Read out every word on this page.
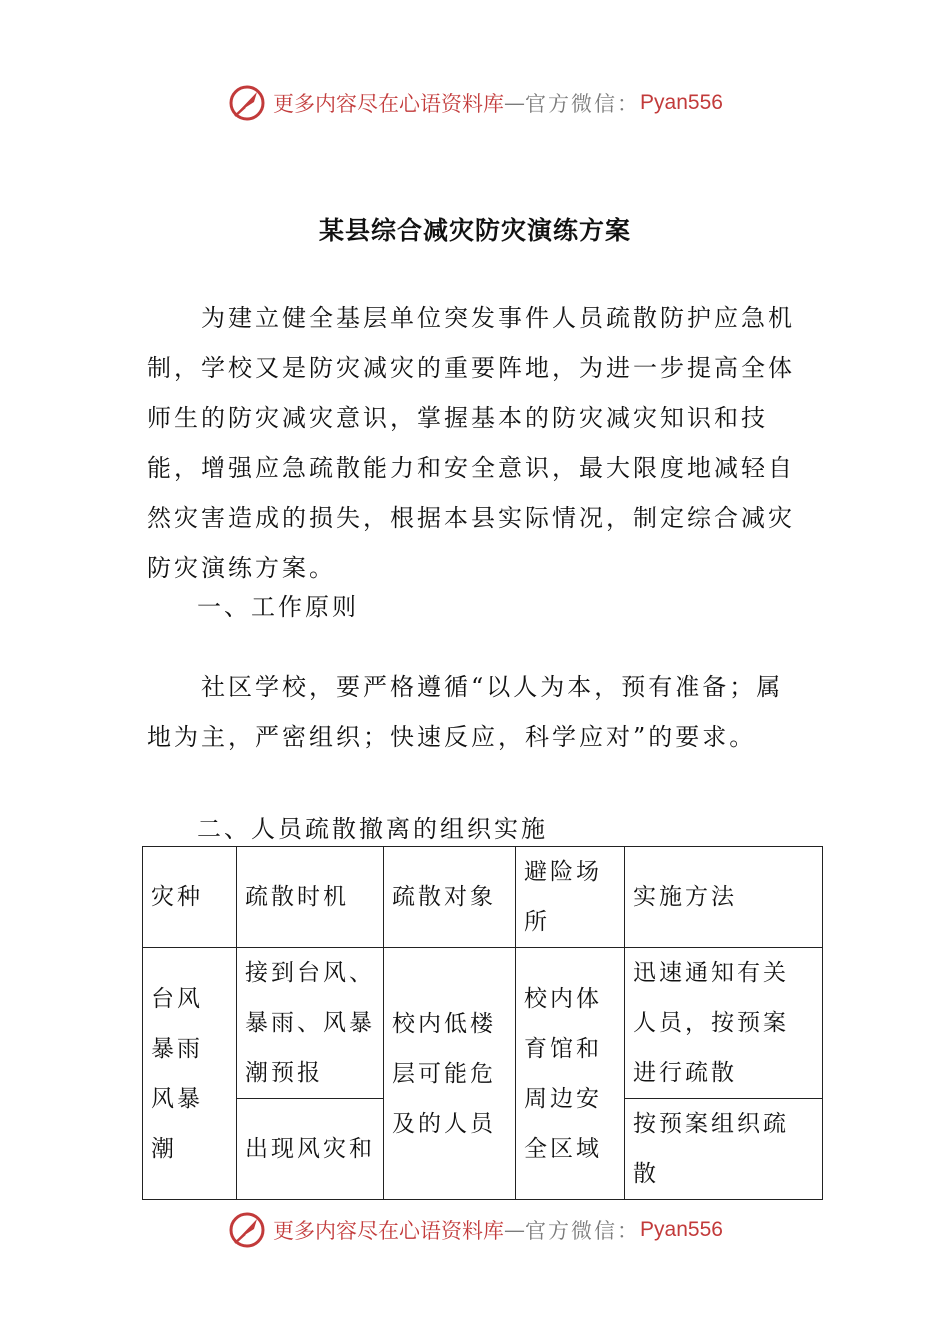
更多内容尽在心语资料库 — 官方微信： Pyan556
某县综合减灾防灾演练方案

为建立健全基层单位突发事件人员疏散防护应急机制，学校又是防灾减灾的重要阵地，为进一步提高全体师生的防灾减灾意识，掌握基本的防灾减灾知识和技能，增强应急疏散能力和安全意识，最大限度地减轻自然灾害造成的损失，根据本县实际情况，制定综合减灾防灾演练方案。

一、工作原则

社区学校，要严格遵循“以人为本，预有准备；属地为主，严密组织；快速反应，科学应对”的要求。

二、人员疏散撤离的组织实施

灾种	疏散时机	疏散对象	避险场所	实施方法
台风暴雨风暴潮	接到台风、暴雨、风暴潮预报	校内低楼层可能危及的人员	校内体育馆和周边安全区域	迅速通知有关人员，按预案进行疏散
	出现风灾和			按预案组织疏散
更多内容尽在心语资料库 — 官方微信： Pyan556
